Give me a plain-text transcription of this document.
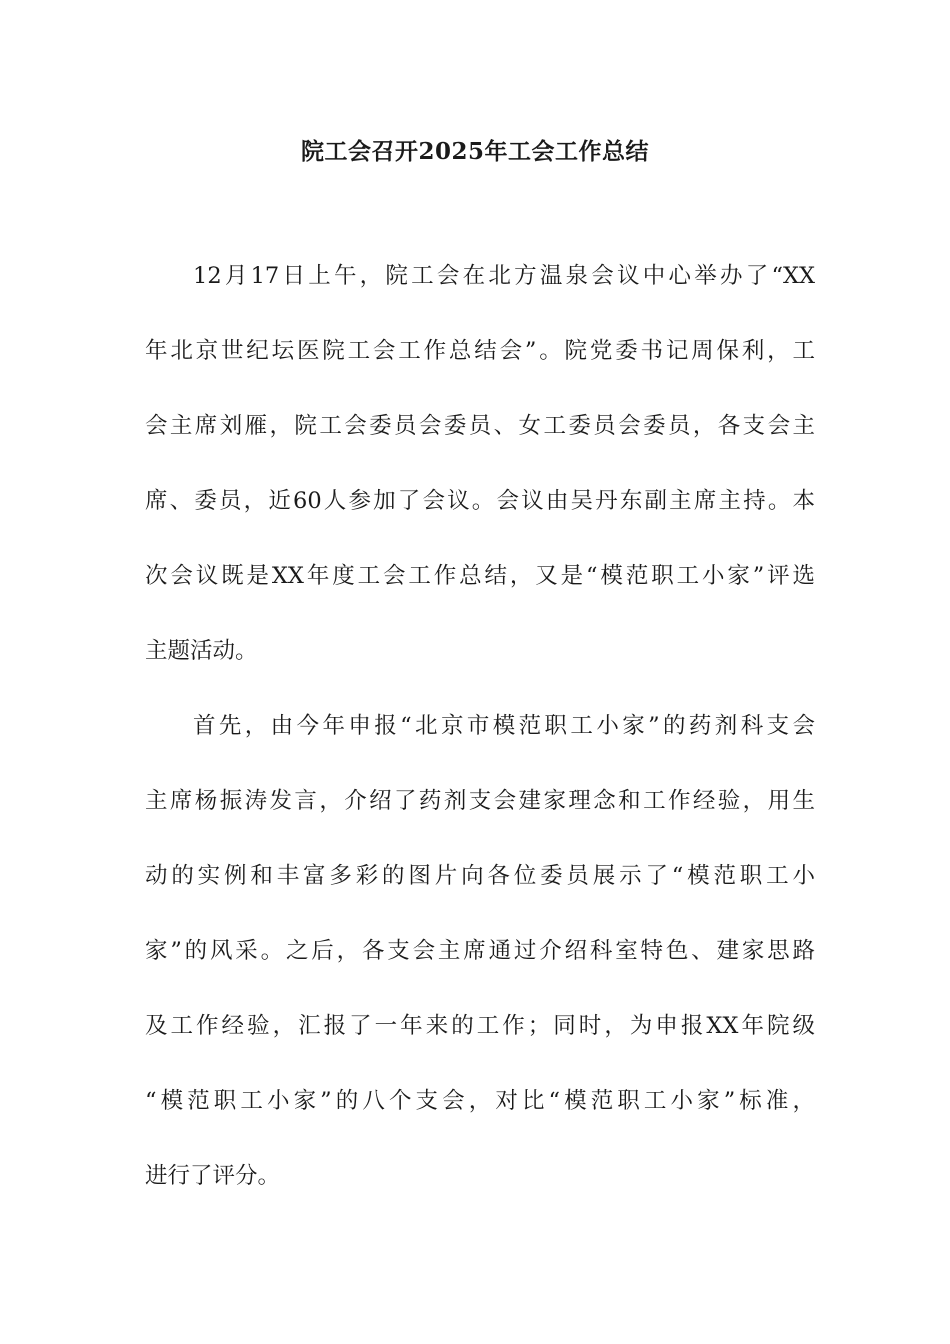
院工会召开2025年工会工作总结
12月17日上午，院工会在北方温泉会议中心举办了“XX
年北京世纪坛医院工会工作总结会”。院党委书记周保利，工
会主席刘雁，院工会委员会委员、女工委员会委员，各支会主
席、委员，近60人参加了会议。会议由吴丹东副主席主持。本
次会议既是XX年度工会工作总结，又是“模范职工小家”评选
主题活动。
首先，由今年申报“北京市模范职工小家”的药剂科支会
主席杨振涛发言，介绍了药剂支会建家理念和工作经验，用生
动的实例和丰富多彩的图片向各位委员展示了“模范职工小
家”的风采。之后，各支会主席通过介绍科室特色、建家思路
及工作经验，汇报了一年来的工作；同时，为申报XX年院级
“模范职工小家”的八个支会，对比“模范职工小家”标准，
进行了评分。
